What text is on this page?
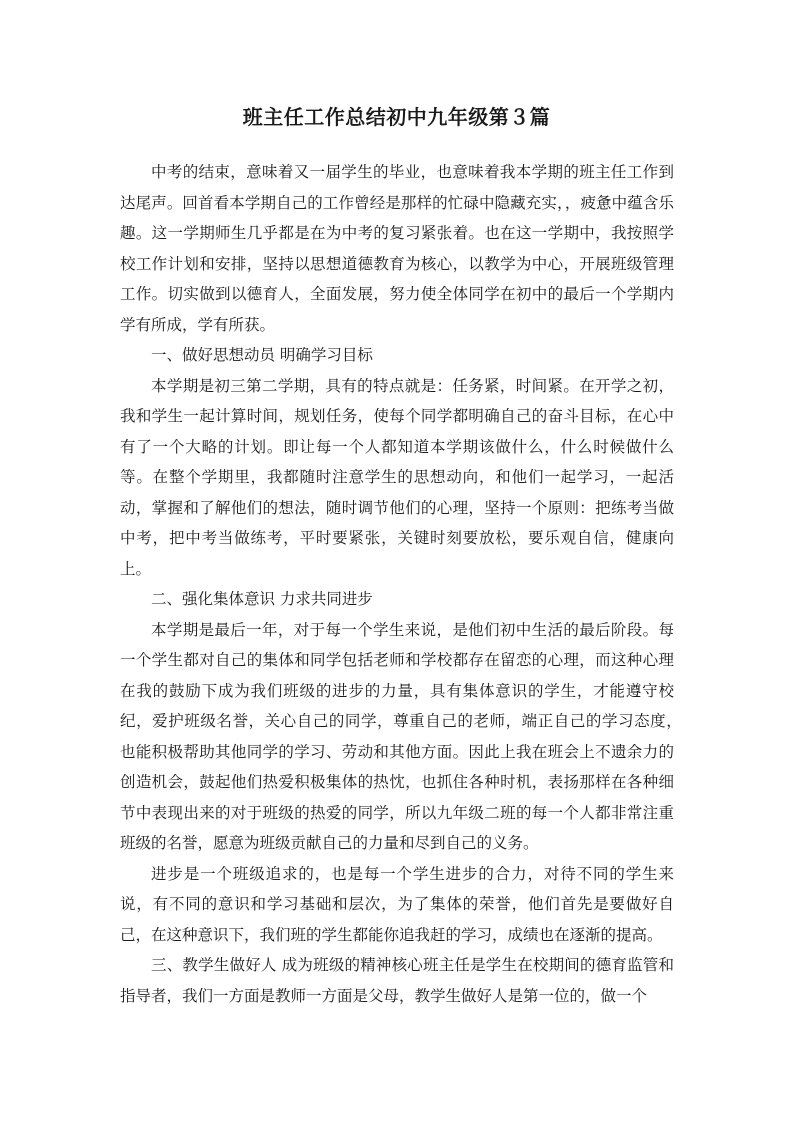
班主任工作总结初中九年级第３篇

中考的结束，意味着又一届学生的毕业，也意味着我本学期的班主任工作到达尾声。回首看本学期自己的工作曾经是那样的忙碌中隐藏充实，，疲惫中蕴含乐趣。这一学期师生几乎都是在为中考的复习紧张着。也在这一学期中，我按照学校工作计划和安排，坚持以思想道德教育为核心，以教学为中心，开展班级管理工作。切实做到以德育人，全面发展，努力使全体同学在初中的最后一个学期内学有所成，学有所获。

一、做好思想动员 明确学习目标

本学期是初三第二学期，具有的特点就是：任务紧，时间紧。在开学之初，我和学生一起计算时间，规划任务，使每个同学都明确自己的奋斗目标，在心中有了一个大略的计划。即让每一个人都知道本学期该做什么，什么时候做什么等。在整个学期里，我都随时注意学生的思想动向，和他们一起学习，一起活动，掌握和了解他们的想法，随时调节他们的心理，坚持一个原则：把练考当做中考，把中考当做练考，平时要紧张，关键时刻要放松，要乐观自信，健康向上。

二、强化集体意识 力求共同进步

本学期是最后一年，对于每一个学生来说，是他们初中生活的最后阶段。每一个学生都对自己的集体和同学包括老师和学校都存在留恋的心理，而这种心理在我的鼓励下成为我们班级的进步的力量，具有集体意识的学生，才能遵守校纪，爱护班级名誉，关心自己的同学，尊重自己的老师，端正自己的学习态度，　也能积极帮助其他同学的学习、劳动和其他方面。因此上我在班会上不遗余力的创造机会，鼓起他们热爱积极集体的热忱，也抓住各种时机，表扬那样在各种细节中表现出来的对于班级的热爱的同学，所以九年级二班的每一个人都非常注重班级的名誉，愿意为班级贡献自己的力量和尽到自己的义务。

进步是一个班级追求的，也是每一个学生进步的合力，对待不同的学生来说，有不同的意识和学习基础和层次，为了集体的荣誉，他们首先是要做好自己，在这种意识下，我们班的学生都能你追我赶的学习，成绩也在逐渐的提高。

三、教学生做好人 成为班级的精神核心班主任是学生在校期间的德育监管和指导者，我们一方面是教师一方面是父母，教学生做好人是第一位的，做一个
